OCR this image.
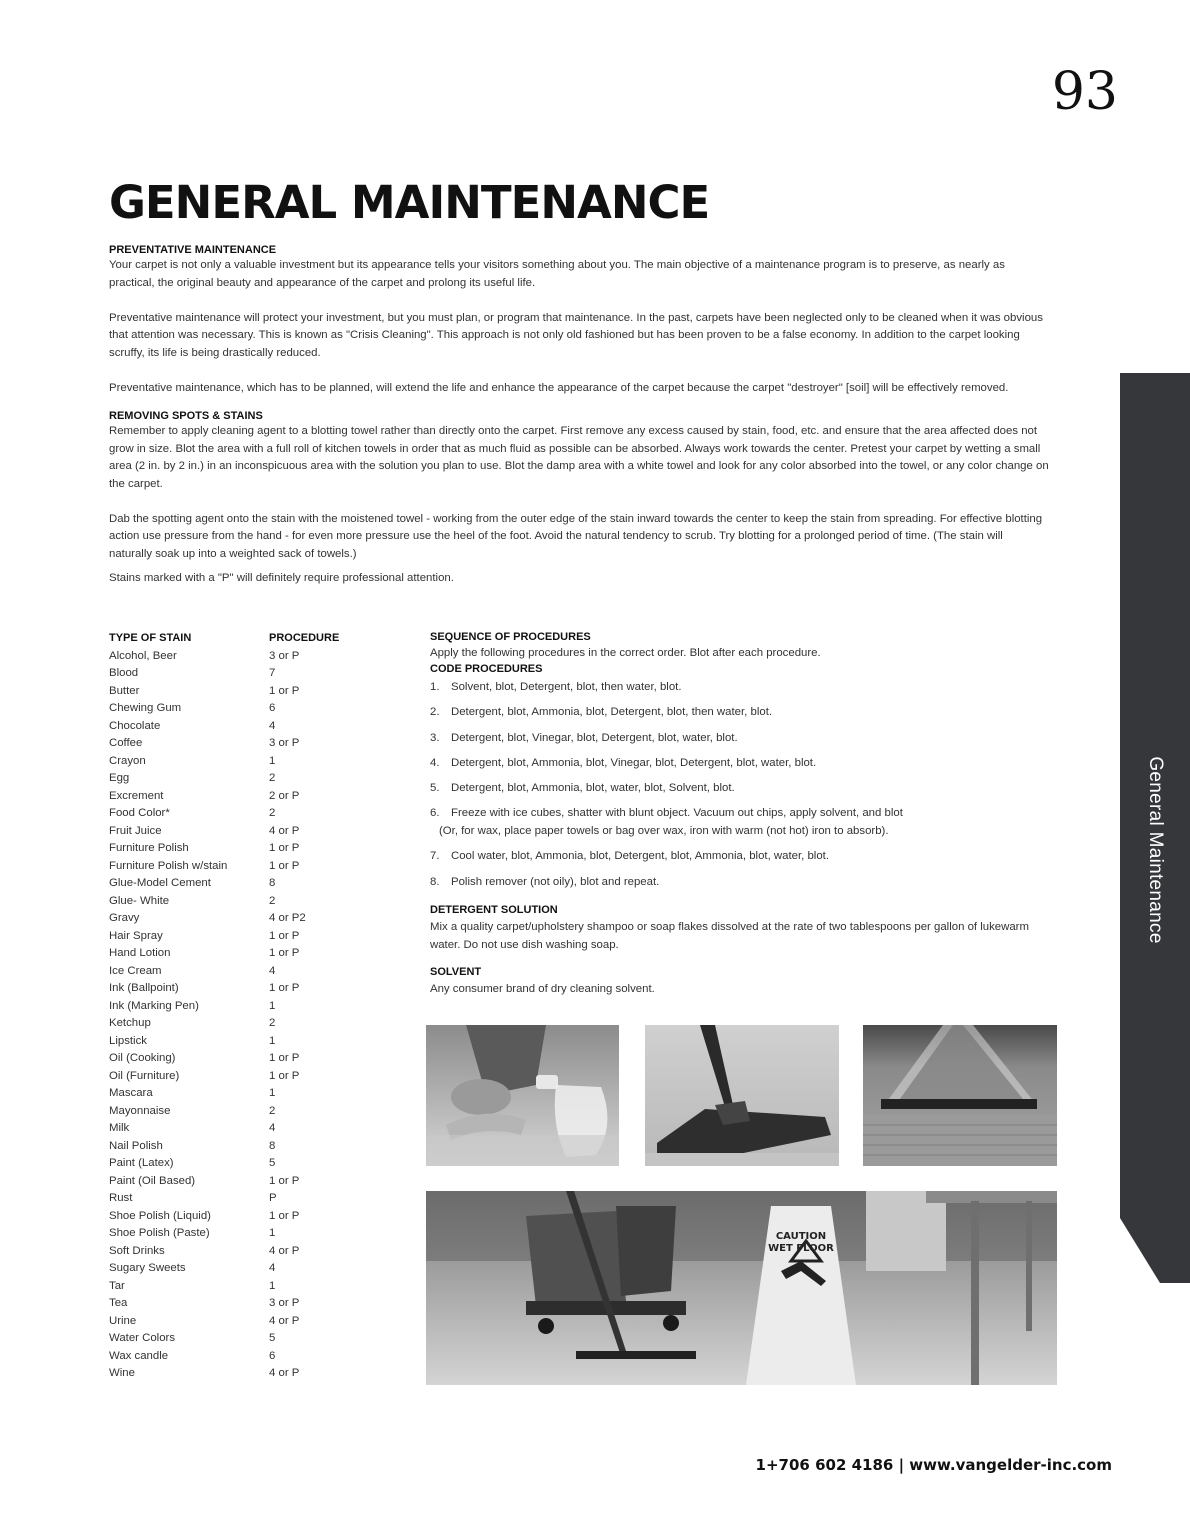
93
GENERAL MAINTENANCE
General Maintenance

PREVENTATIVE MAINTENANCE

Your carpet is not only a valuable investment but its appearance tells your visitors something about you. The main objective of a maintenance program is to preserve, as nearly as practical, the original beauty and appearance of the carpet and prolong its useful life.

Preventative maintenance will protect your investment, but you must plan, or program that maintenance. In the past, carpets have been neglected only to be cleaned when it was obvious that attention was necessary. This is known as "Crisis Cleaning". This approach is not only old fashioned but has been proven to be a false economy. In addition to the carpet looking scruffy, its life is being drastically reduced.

Preventative maintenance, which has to be planned, will extend the life and enhance the appearance of the carpet because the carpet "destroyer" [soil] will be effectively removed.

REMOVING SPOTS & STAINS

Remember to apply cleaning agent to a blotting towel rather than directly onto the carpet. First remove any excess caused by stain, food, etc. and ensure that the area affected does not grow in size. Blot the area with a full roll of kitchen towels in order that as much fluid as possible can be absorbed. Always work towards the center. Pretest your carpet by wetting a small area (2 in. by 2 in.) in an inconspicuous area with the solution you plan to use. Blot the damp area with a white towel and look for any color absorbed into the towel, or any color change on the carpet.

Dab the spotting agent onto the stain with the moistened towel - working from the outer edge of the stain inward towards the center to keep the stain from spreading. For effective blotting action use pressure from the hand - for even more pressure use the heel of the foot. Avoid the natural tendency to scrub. Try blotting for a prolonged period of time. (The stain will naturally soak up into a weighted sack of towels.)

Stains marked with a "P" will definitely require professional attention.

TYPE OF STAIN	PROCEDURE
Alcohol, Beer	3 or P
Blood	7
Butter	1 or P
Chewing Gum	6
Chocolate	4
Coffee	3 or P
Crayon	1
Egg	2
Excrement	2 or P
Food Color*	2
Fruit Juice	4 or P
Furniture Polish	1 or P
Furniture Polish w/stain	1 or P
Glue-Model Cement	8
Glue- White	2
Gravy	4 or P2
Hair Spray	1 or P
Hand Lotion	1 or P
Ice Cream	4
Ink (Ballpoint)	1 or P
Ink (Marking Pen)	1
Ketchup	2
Lipstick	1
Oil (Cooking)	1 or P
Oil (Furniture)	1 or P
Mascara	1
Mayonnaise	2
Milk	4
Nail Polish	8
Paint (Latex)	5
Paint (Oil Based)	1 or P
Rust	P
Shoe Polish (Liquid)	1 or P
Shoe Polish (Paste)	1
Soft Drinks	4 or P
Sugary Sweets	4
Tar	1
Tea	3 or P
Urine	4 or P
Water Colors	5
Wax candle	6
Wine	4 or P

SEQUENCE OF PROCEDURES

Apply the following procedures in the correct order. Blot after each procedure.

CODE PROCEDURES

1.	Solvent, blot, Detergent, blot, then water, blot.
2.	Detergent, blot, Ammonia, blot, Detergent, blot, then water, blot.
3.	Detergent, blot, Vinegar, blot, Detergent, blot, water, blot.
4.	Detergent, blot, Ammonia, blot, Vinegar, blot, Detergent, blot, water, blot.
5.	Detergent, blot, Ammonia, blot, water, blot, Solvent, blot.
6.	Freeze with ice cubes, shatter with blunt object. Vacuum out chips, apply solvent, and blot
(Or, for wax, place paper towels or bag over wax, iron with warm (not hot) iron to absorb).
7.	Cool water, blot, Ammonia, blot, Detergent, blot, Ammonia, blot, water, blot.
8.	Polish remover (not oily), blot and repeat.

DETERGENT SOLUTION

Mix a quality carpet/upholstery shampoo or soap flakes dissolved at the rate of two tablespoons per gallon of lukewarm water. Do not use dish washing soap.

SOLVENT

Any consumer brand of dry cleaning solvent.

CAUTION
WET FLOOR
1+706 602 4186 | www.vangelder-inc.com
